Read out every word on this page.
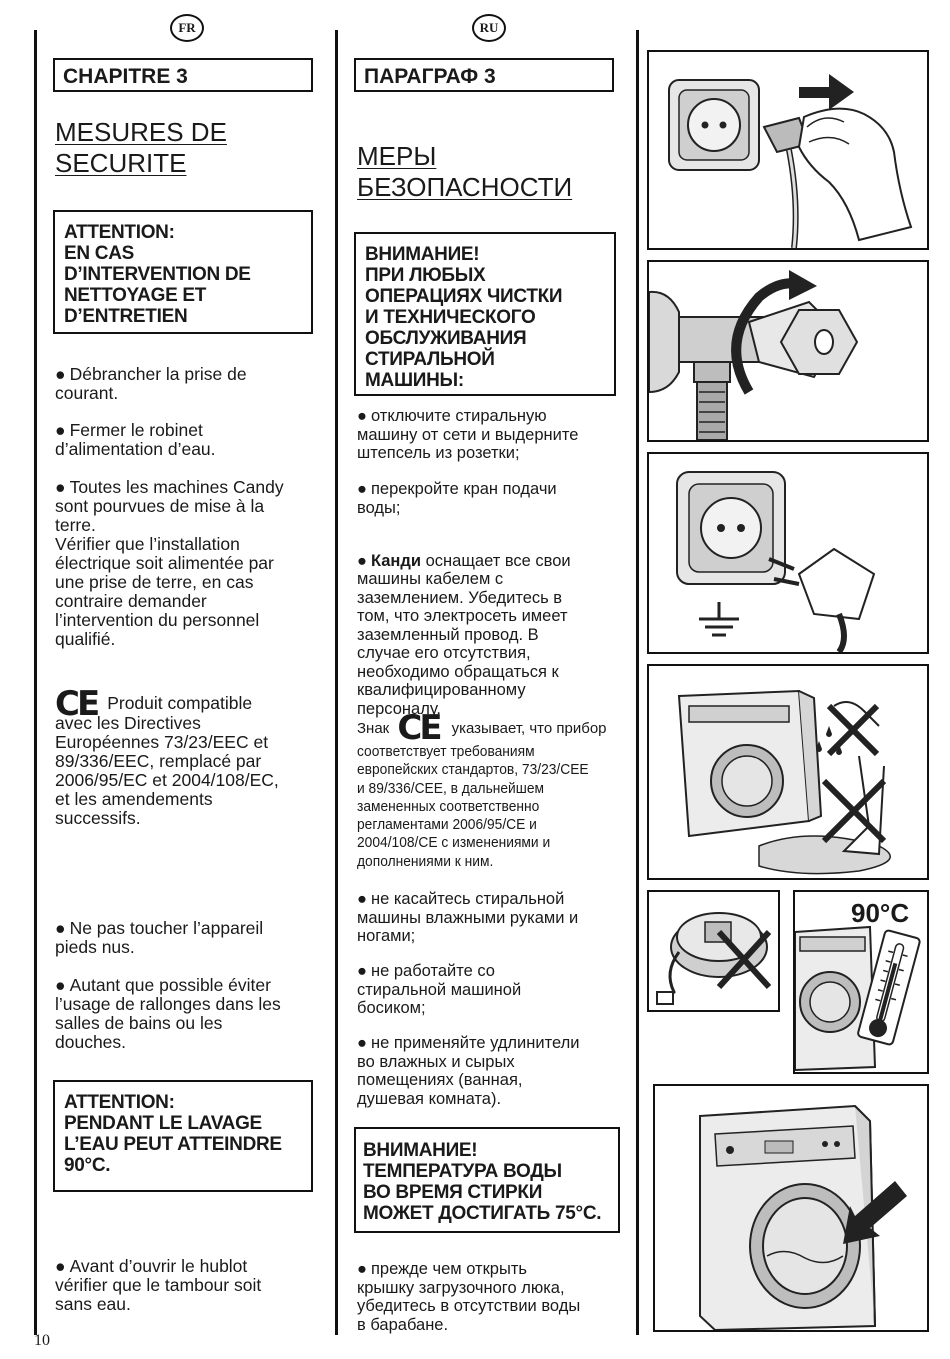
FR	RU
CHAPITRE 3
MESURES DE
SECURITE
ATTENTION:
EN CAS
D’INTERVENTION DE
NETTOYAGE ET
D’ENTRETIEN
● Débrancher la prise de
courant.
● Fermer le robinet
d’alimentation d’eau.
● Toutes les machines Candy
sont pourvues de mise à la
terre.
Vérifier que l’installation
électrique soit alimentée par
une prise de terre, en cas
contraire demander
l’intervention du personnel
qualifié.

CE Produit compatible
avec les Directives
Européennes 73/23/EEC et
89/336/EEC, remplacé par
2006/95/EC et 2004/108/EC,
et les amendements
successifs.

● Ne pas toucher l’appareil
pieds nus.
● Autant que possible éviter
l’usage de rallonges dans les
salles de bains ou les
douches.
ATTENTION:
PENDANT LE LAVAGE
L’EAU PEUT ATTEINDRE
90°C.
● Avant d’ouvrir le hublot
vérifier que le tambour soit
sans eau.
ПАРАГРАФ 3
МЕРЫ
БЕЗОПАСНОСТИ
ВНИМАНИЕ!
ПРИ ЛЮБЫХ
ОПЕРАЦИЯХ ЧИСТКИ
И ТЕХНИЧЕСКОГО
ОБСЛУЖИВАНИЯ
СТИРАЛЬНОЙ
МАШИНЫ:
● отключите стиральную
машину от сети и выдерните
штепсель из розетки;
● перекройте кран подачи
воды;

● Канди оснащает все свои
машины кабелем с
заземлением. Убедитесь в
том, что электросеть имеет
заземленный провод. В
случае его отсутствия,
необходимо обращаться к
квалифицированному
персоналу.

Знак CE указывает, что прибор
соответствует требованиям
европейских стандартов, 73/23/CEE
и 89/336/CEE, в дальнейшем
замененных соответственно
регламентами 2006/95/CE и
2004/108/CE с изменениями и
дополнениями к ним.
● не касайтесь стиральной
машины влажными руками и
ногами;
● не работайте со
стиральной машиной
босиком;
● не применяйте удлинители
во влажных и сырых
помещениях (ванная,
душевая комната).
ВНИМАНИЕ!
ТЕМПЕРАТУРА ВОДЫ
ВО ВРЕМЯ СТИРКИ
МОЖЕТ ДОСТИГАТЬ 75°C.
● прежде чем открыть
крышку загрузочного люка,
убедитесь в отсутствии воды
в барабане.
90°C
10
